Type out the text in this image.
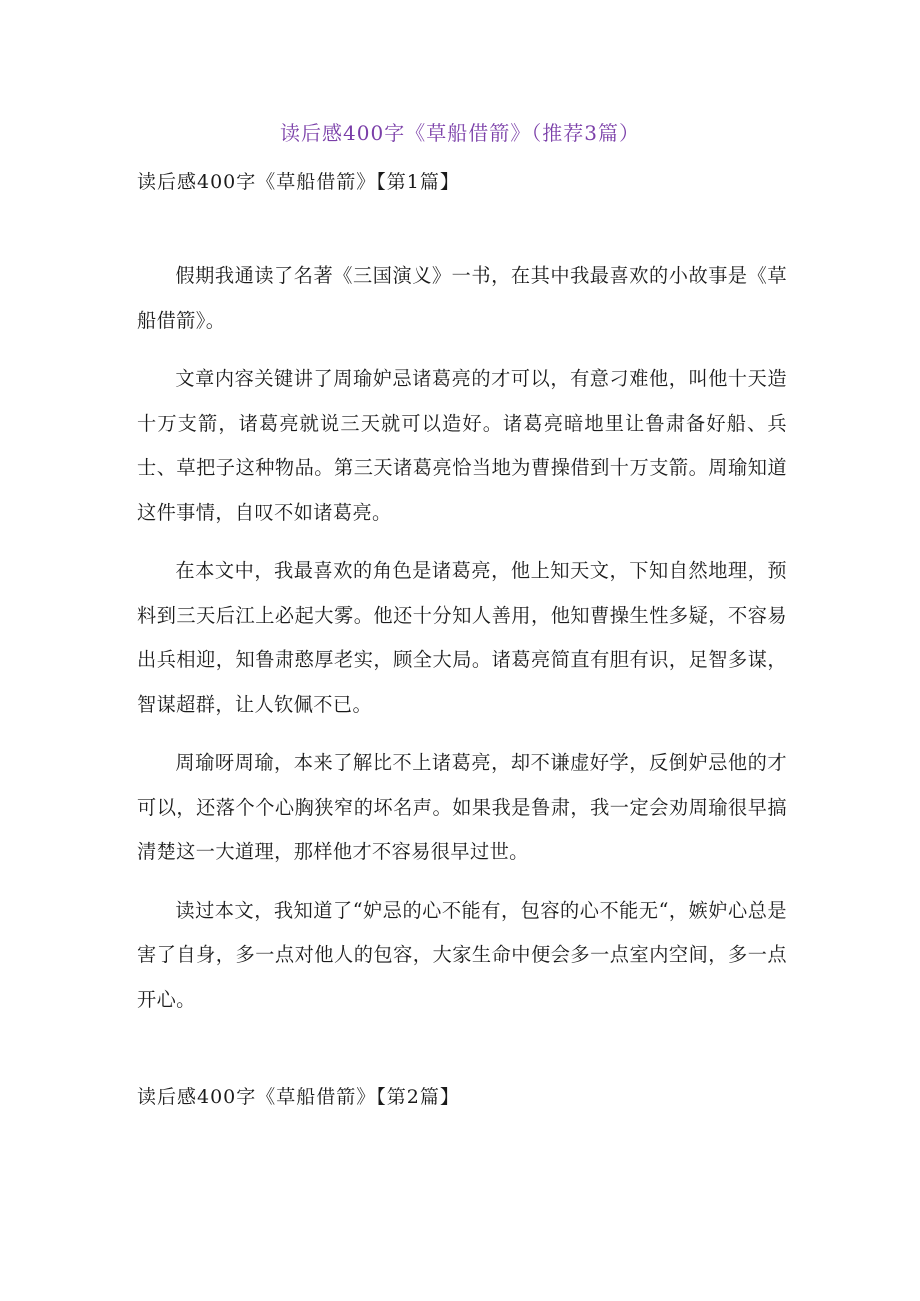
读后感400字《草船借箭》（推荐3篇）
读后感400字《草船借箭》【第1篇】

假期我通读了名著《三国演义》一书，在其中我最喜欢的小故事是《草船借箭》。

文章内容关键讲了周瑜妒忌诸葛亮的才可以，有意刁难他，叫他十天造十万支箭，诸葛亮就说三天就可以造好。诸葛亮暗地里让鲁肃备好船、兵士、草把子这种物品。第三天诸葛亮恰当地为曹操借到十万支箭。周瑜知道这件事情，自叹不如诸葛亮。

在本文中，我最喜欢的角色是诸葛亮，他上知天文，下知自然地理，预料到三天后江上必起大雾。他还十分知人善用，他知曹操生性多疑，不容易出兵相迎，知鲁肃憨厚老实，顾全大局。诸葛亮简直有胆有识，足智多谋，智谋超群，让人钦佩不已。

周瑜呀周瑜，本来了解比不上诸葛亮，却不谦虚好学，反倒妒忌他的才可以，还落个个心胸狭窄的坏名声。如果我是鲁肃，我一定会劝周瑜很早搞清楚这一大道理，那样他才不容易很早过世。

读过本文，我知道了“妒忌的心不能有，包容的心不能无“，嫉妒心总是害了自身，多一点对他人的包容，大家生命中便会多一点室内空间，多一点开心。

读后感400字《草船借箭》【第2篇】
